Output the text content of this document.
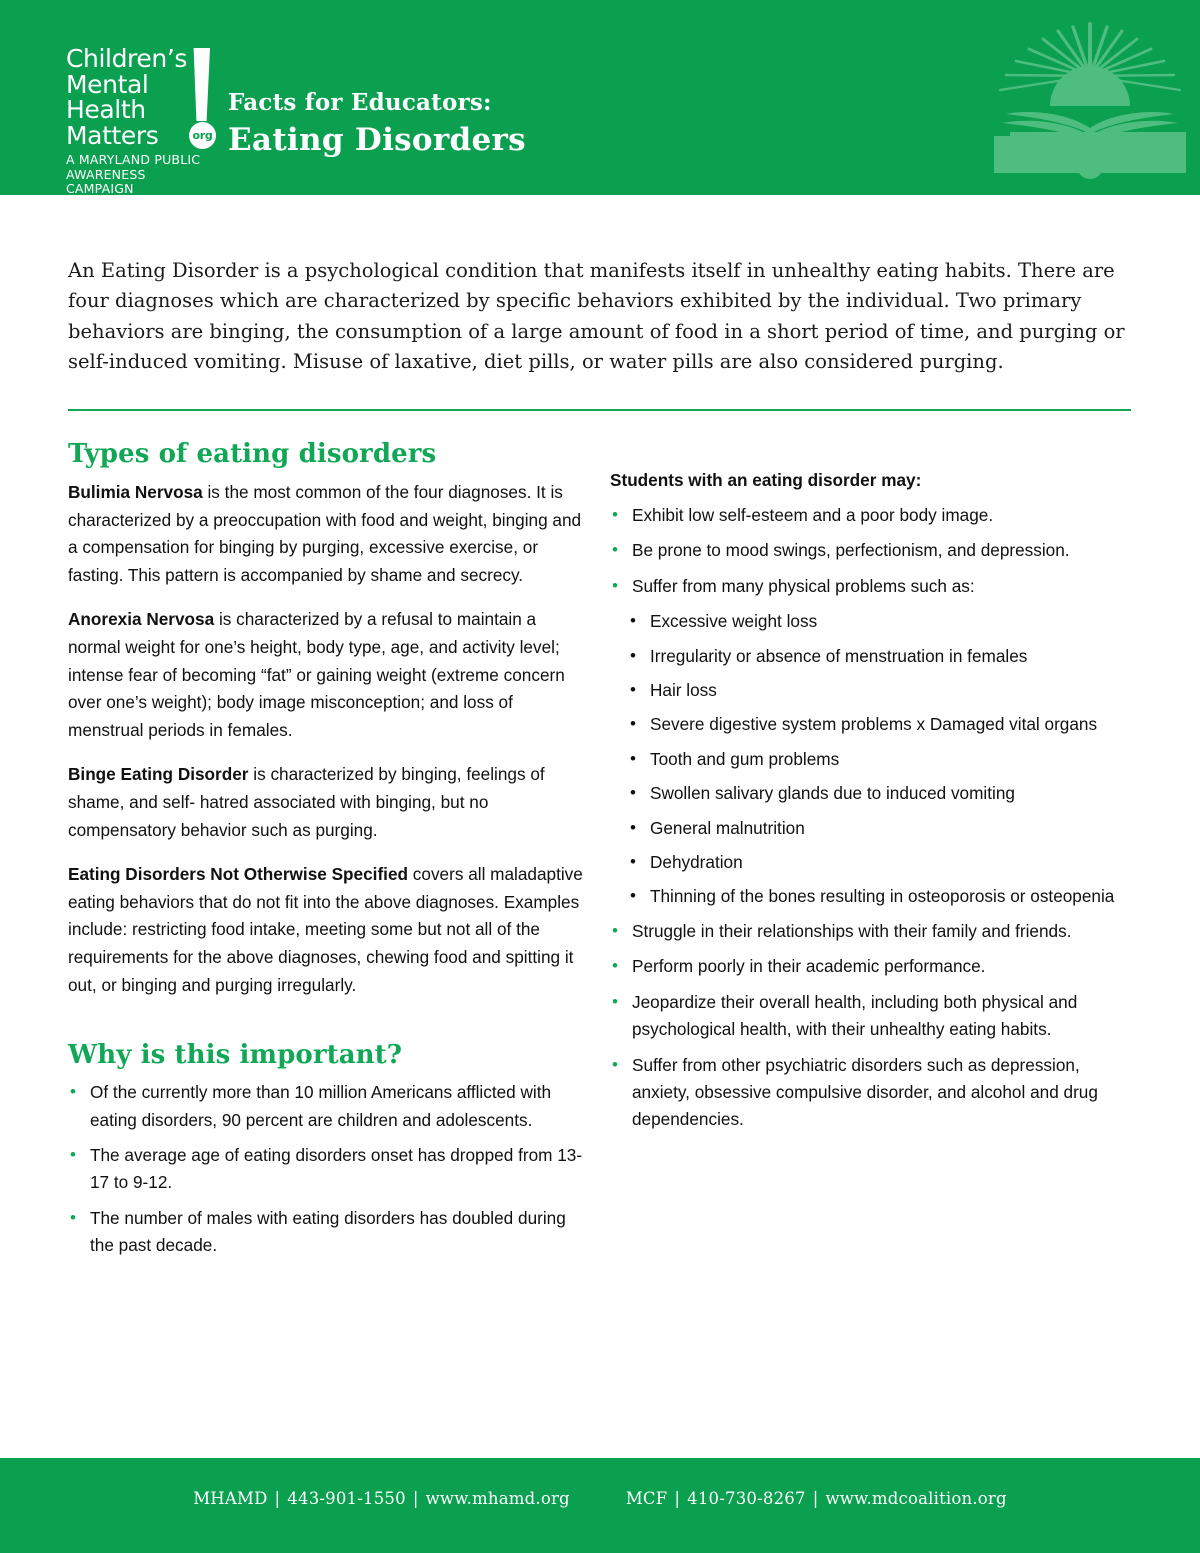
Children’s
Mental
Health
Matters	org
A MARYLAND PUBLIC
AWARENESS CAMPAIGN
Facts for Educators:
Eating Disorders

An Eating Disorder is a psychological condition that manifests itself in unhealthy eating habits. There are four diagnoses which are characterized by specific behaviors exhibited by the individual. Two primary behaviors are binging, the consumption of a large amount of food in a short period of time, and purging or self-induced vomiting. Misuse of laxative, diet pills, or water pills are also considered purging.

Types of eating disorders

Bulimia Nervosa is the most common of the four diagnoses. It is characterized by a preoccupation with food and weight, binging and a compensation for binging by purging, excessive exercise, or fasting. This pattern is accompanied by shame and secrecy.

Anorexia Nervosa is characterized by a refusal to maintain a normal weight for one’s height, body type, age, and activity level; intense fear of becoming “fat” or gaining weight (extreme concern over one’s weight); body image misconception; and loss of menstrual periods in females.

Binge Eating Disorder is characterized by binging, feelings of shame, and self- hatred associated with binging, but no compensatory behavior such as purging.

Eating Disorders Not Otherwise Specified covers all maladaptive eating behaviors that do not fit into the above diagnoses. Examples include: restricting food intake, meeting some but not all of the requirements for the above diagnoses, chewing food and spitting it out, or binging and purging irregularly.

Why is this important?
• Of the currently more than 10 million Americans afflicted with eating disorders, 90 percent are children and adolescents.
• The average age of eating disorders onset has dropped from 13-17 to 9-12.
• The number of males with eating disorders has doubled during the past decade.
Students with an eating disorder may:
• Exhibit low self-esteem and a poor body image.
• Be prone to mood swings, perfectionism, and depression.
• Suffer from many physical problems such as:
• Excessive weight loss
• Irregularity or absence of menstruation in females
• Hair loss
• Severe digestive system problems x Damaged vital organs
• Tooth and gum problems
• Swollen salivary glands due to induced vomiting
• General malnutrition
• Dehydration
• Thinning of the bones resulting in osteoporosis or osteopenia
• Struggle in their relationships with their family and friends.
• Perform poorly in their academic performance.
• Jeopardize their overall health, including both physical and psychological health, with their unhealthy eating habits.
• Suffer from other psychiatric disorders such as depression, anxiety, obsessive compulsive disorder, and alcohol and drug dependencies.
MHAMD | 443-901-1550 | www.mhamd.org	MCF | 410-730-8267 | www.mdcoalition.org
